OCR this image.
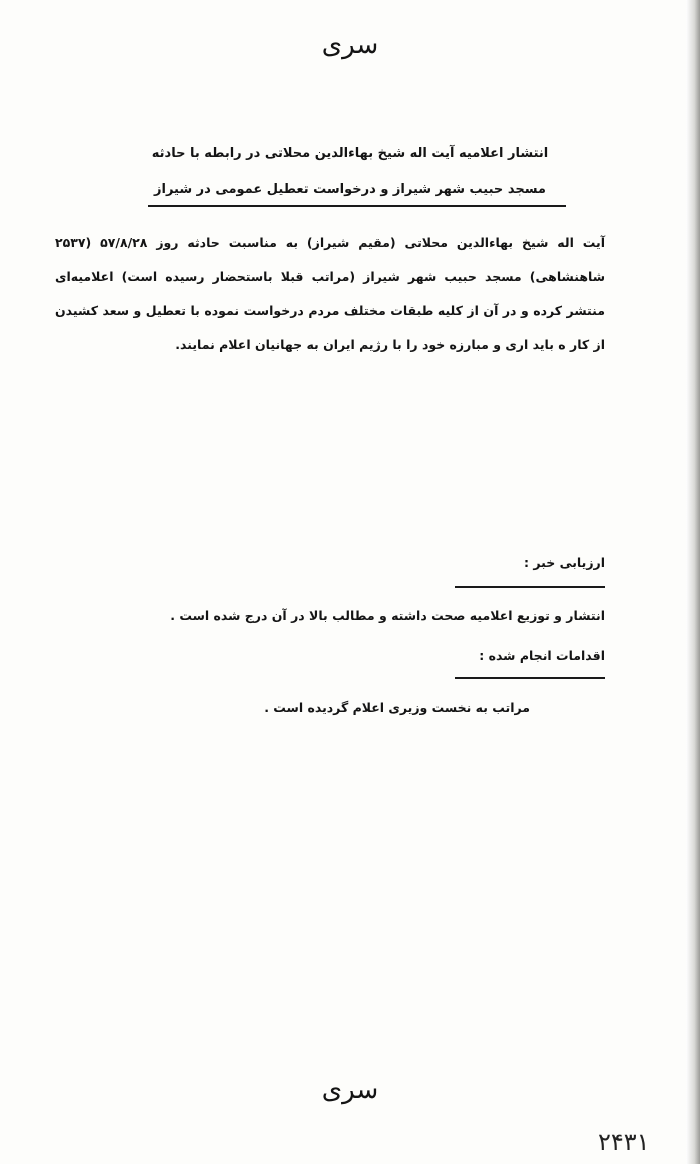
سری
انتشار اعلامیه آیت اله شیخ بهاءالدین محلاتی در رابطه با حادثه
مسجد حبیب شهر شیراز و درخواست تعطیل عمومی در شیراز
آیت اله شیخ بهاءالدین محلاتی (مقیم شیراز) به مناسبت حادثه روز ۵۷/۸/۲۸ (۲۵۳۷ شاهنشاهی) مسجد حبیب شهر شیراز (مراتب قبلا باستحضار رسیده است) اعلامیه‌ای منتشر کرده و در آن از کلیه طبقات مختلف مردم درخواست نموده با تعطیل و سعد کشیدن از کار ه باید اری و مبارزه خود را با رژیم ایران به جهانیان اعلام نمایند.
ارزیابی خبر :
انتشار و توزیع اعلامیه صحت داشته و مطالب بالا در آن درج شده است .
اقدامات انجام شده :
مراتب به نخست وزیری اعلام گردیده است .
سری
۲۴۳۱
